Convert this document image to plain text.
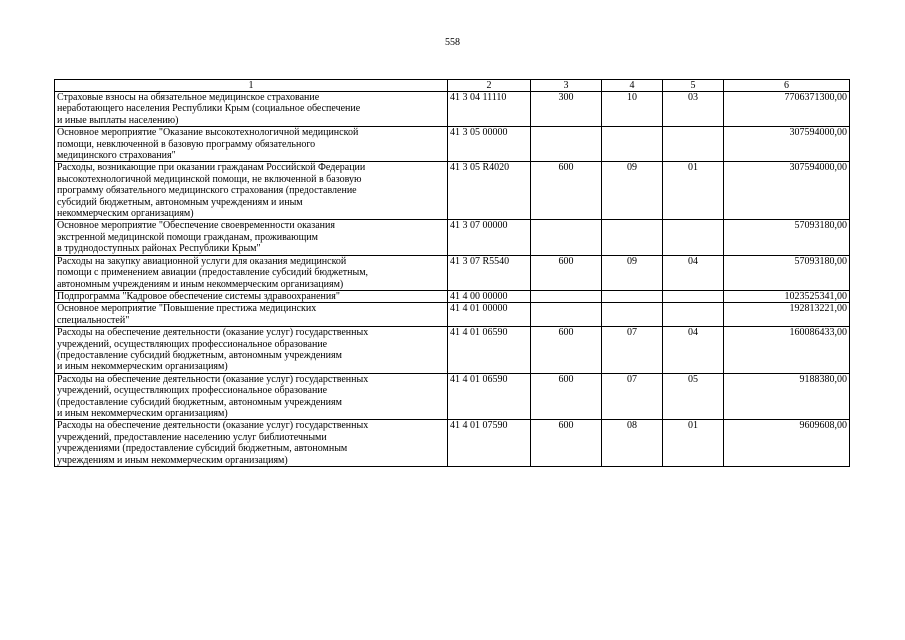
558
1	2	3	4	5	6

Страховые взносы на обязательное медицинское страхование
неработающего населения Республики Крым (социальное обеспечение
и иные выплаты населению)	41 3 04 11110	300	10	03	7706371300,00

Основное мероприятие "Оказание высокотехнологичной медицинской
помощи, невключенной в базовую программу обязательного
медицинского страхования"	41 3 05 00000				307594000,00

Расходы, возникающие при оказании гражданам Российской Федерации
высокотехнологичной медицинской помощи, не включенной в базовую
программу обязательного медицинского страхования (предоставление
субсидий бюджетным, автономным учреждениям и иным
некоммерческим организациям)	41 3 05 R4020	600	09	01	307594000,00

Основное мероприятие "Обеспечение своевременности оказания
экстренной медицинской помощи гражданам, проживающим
в труднодоступных районах Республики Крым"	41 3 07 00000				57093180,00

Расходы на закупку авиационной услуги для оказания медицинской
помощи с применением авиации (предоставление субсидий бюджетным,
автономным учреждениям и иным некоммерческим организациям)	41 3 07 R5540	600	09	04	57093180,00

Подпрограмма "Кадровое обеспечение системы здравоохранения"	41 4 00 00000				1023525341,00

Основное мероприятие "Повышение престижа медицинских
специальностей"	41 4 01 00000				192813221,00

Расходы на обеспечение деятельности (оказание услуг) государственных
учреждений, осуществляющих профессиональное образование
(предоставление субсидий бюджетным, автономным учреждениям
и иным некоммерческим организациям)	41 4 01 06590	600	07	04	160086433,00

Расходы на обеспечение деятельности (оказание услуг) государственных
учреждений, осуществляющих профессиональное образование
(предоставление субсидий бюджетным, автономным учреждениям
и иным некоммерческим организациям)	41 4 01 06590	600	07	05	9188380,00

Расходы на обеспечение деятельности (оказание услуг) государственных
учреждений, предоставление населению услуг библиотечными
учреждениями (предоставление субсидий бюджетным, автономным
учреждениям и иным некоммерческим организациям)	41 4 01 07590	600	08	01	9609608,00
